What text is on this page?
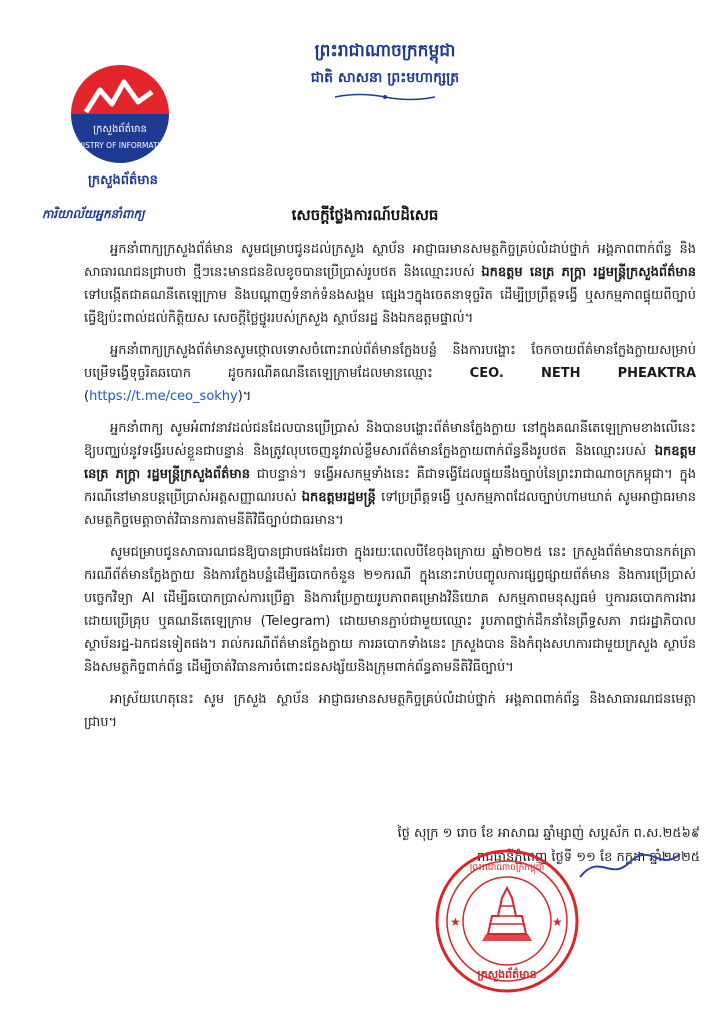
ព្រះរាជាណាចក្រកម្ពុជា
ជាតិ សាសនា ព្រះមហាក្សត្រ
ក្រសួងព័ត៌មាន
MINISTRY OF INFORMATION
ក្រសួងព័ត៌មាន
ការិយាល័យអ្នកនាំពាក្យ	សេចក្ដីថ្លែងការណ៍បដិសេធ

អ្នកនាំពាក្យក្រសួងព័ត៌មាន សូមជម្រាបជូនដល់ក្រសួង ស្ថាប័ន អាជ្ញាធរមានសមត្ថកិច្ចគ្រប់លំដាប់ថ្នាក់ អង្គភាពពាក់ព័ន្ធ និងសាធារណជនជ្រាបថា ថ្មីៗនេះមានជនខិលខូចបានប្រើប្រាស់រូបថត និងឈ្មោះរបស់ ឯកឧត្តម នេត្រ ភក្ត្រា រដ្ឋមន្ត្រីក្រសួងព័ត៌មាន ទៅបង្កើតជាគណនីតេឡេក្រាម និងបណ្ដាញទំនាក់ទំនងសង្គម ផ្សេងៗក្នុងចេតនាទុច្ចរិត ដើម្បីប្រព្រឹត្តទង្វើ ឬសកម្មភាពផ្ទុយពីច្បាប់ធ្វើឱ្យប៉ះពាល់ដល់កិត្តិយស សេចក្ដីថ្លៃថ្នូររបស់ក្រសួង ស្ថាប័នរដ្ឋ និងឯកឧត្តមផ្ទាល់។

អ្នកនាំពាក្យក្រសួងព័ត៌មានសូមថ្កោលទោសចំពោះរាល់ព័ត៌មានក្លែងបន្លំ និងការបង្ហោះ ចែកចាយព័ត៌មានក្លែងក្លាយសម្រាប់បម្រើទង្វើទុច្ចរិតឆបោក ដូចករណីគណនីតេឡេក្រាមដែលមានឈ្មោះ CEO. NETH PHEAKTRA (https://t.me/ceo_sokhy)។

អ្នកនាំពាក្យ សូមអំពាវនាវដល់ជនដែលបានប្រើប្រាស់ និងបានបង្ហោះព័ត៌មានក្លែងក្លាយ នៅក្នុងគណនីតេឡេក្រាមខាងលើនេះ ឱ្យបញ្ឈប់នូវទង្វើរបស់ខ្លួនជាបន្ទាន់ និងត្រូវលុបចេញនូវរាល់ខ្លឹមសារព័ត៌មានក្លែងក្លាយពាក់ព័ន្ធនឹងរូបថត និងឈ្មោះរបស់ ឯកឧត្តម នេត្រ ភក្ត្រា រដ្ឋមន្ត្រីក្រសួងព័ត៌មាន ជាបន្ទាន់។ ទង្វើអសកម្មទាំងនេះ គឺជាទង្វើដែលផ្ទុយនឹងច្បាប់នៃព្រះរាជាណាចក្រកម្ពុជា។ ក្នុងករណីនៅមានបន្តប្រើប្រាស់អត្តសញ្ញាណរបស់ ឯកឧត្តមរដ្ឋមន្ត្រី ទៅប្រព្រឹត្តទង្វើ ឬសកម្មភាពដែលច្បាប់ហាមឃាត់ សូមអាជ្ញាធរមានសមត្ថកិច្ចមេត្តាចាត់វិធានការតាមនីតិវិធីច្បាប់ជាធរមាន។

សូមជម្រាបជូនសាធារណជនឱ្យបានជ្រាបផងដែរថា ក្នុងរយៈពេលបីខែចុងក្រោយ ឆ្នាំ២០២៥ នេះ ក្រសួងព័ត៌មានបានកត់ត្រាករណីព័ត៌មានក្លែងក្លាយ និងការក្លែងបន្លំដើម្បីឆបោកចំនួន ២១ករណី ក្នុងនោះរាប់បញ្ចូលការផ្សព្វផ្សាយព័ត៌មាន និងការប្រើប្រាស់បច្ចេកវិទ្យា AI ដើម្បីឆបោកប្រាស់ការប្រើគ្នា និងការប្រែក្លាយរូបភាពគម្រោងវិនិយោគ សកម្មភាពមនុស្សធម៌ ឬការឆបោកការងារដោយប្រើគ្រុប ឬគណនីតេឡេក្រាម (Telegram) ដោយមានភ្ជាប់ជាមួយឈ្មោះ រូបភាពថ្នាក់ដឹកនាំនៃព្រឹទ្ធសភា រាជរដ្ឋាភិបាល ស្ថាប័នរដ្ឋ-ឯកជនទៀតផង។ រាល់ករណីព័ត៌មានក្លែងក្លាយ ការឆបោកទាំងនេះ ក្រសួងបាន និងកំពុងសហការជាមួយក្រសួង ស្ថាប័ន និងសមត្ថកិច្ចពាក់ព័ន្ធ ដើម្បីចាត់វិធានការចំពោះជនសង្ស័យនិងក្រុមពាក់ព័ន្ធតាមនីតិវិធីច្បាប់។

អាស្រ័យហេតុនេះ សូម ក្រសួង ស្ថាប័ន អាជ្ញាធរមានសមត្ថកិច្ចគ្រប់លំដាប់ថ្នាក់ អង្គភាពពាក់ព័ន្ធ និងសាធារណជនមេត្តាជ្រាប។

ថ្ងៃ សុក្រ ១ រោច ខែ អាសាឍ ឆ្នាំម្សាញ់ សប្តស័ក ព.ស.២៥៦៩
រាជធានីភ្នំពេញ ថ្ងៃទី ១១ ខែ កក្កដា ឆ្នាំ២០២៥
ព្រះរាជាណាចក្រកម្ពុជា
ក្រសួងព័ត៌មាន
★	★
